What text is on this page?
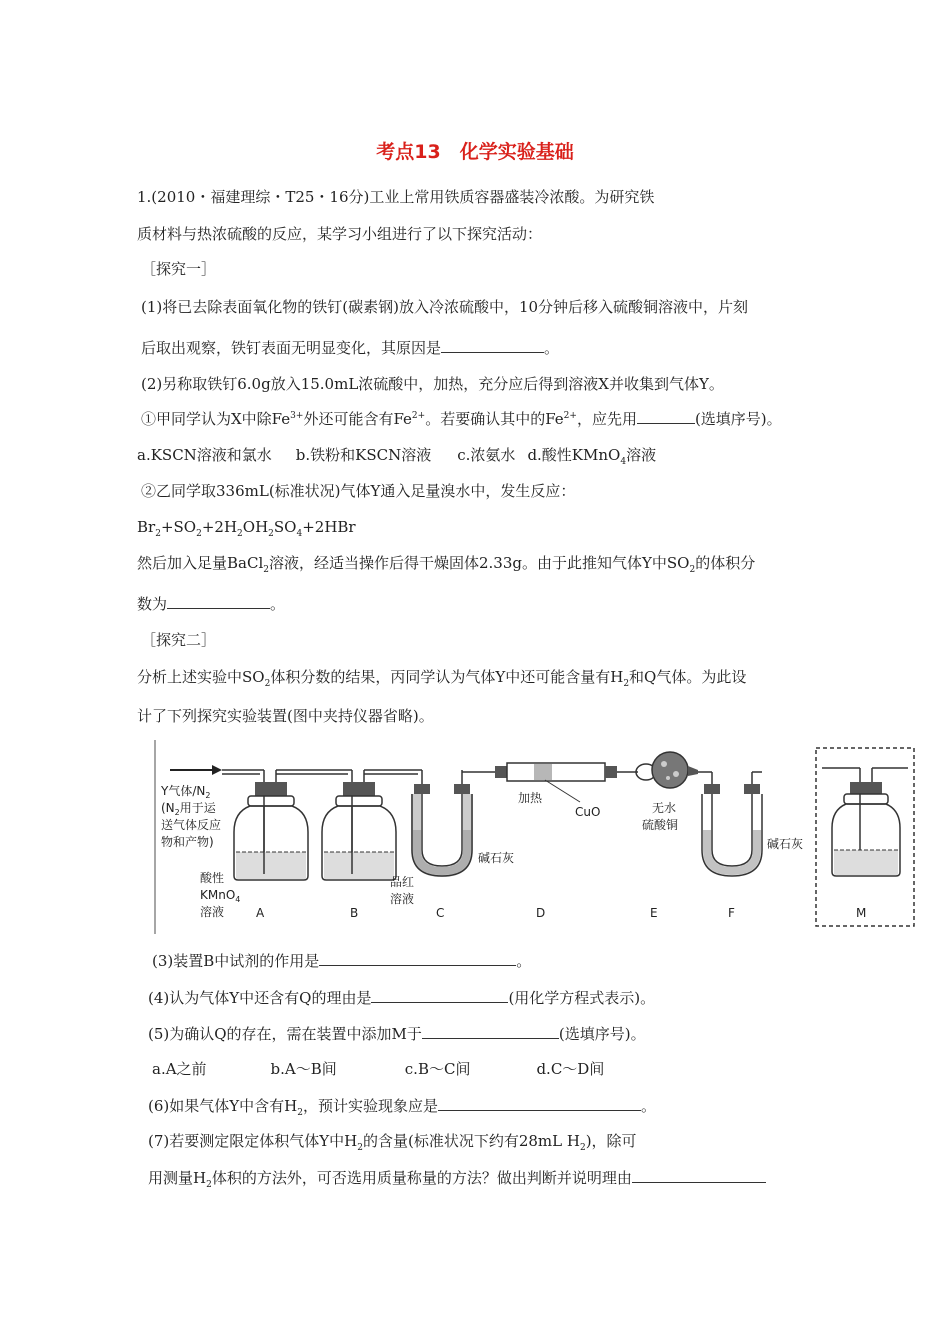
考点13　化学实验基础
1.(2010・福建理综・T25・16分)工业上常用铁质容器盛装冷浓酸。为研究铁
质材料与热浓硫酸的反应，某学习小组进行了以下探究活动：
［探究一］
(1)将已去除表面氧化物的铁钉(碳素钢)放入冷浓硫酸中，10分钟后移入硫酸铜溶液中，片刻
后取出观察，铁钉表面无明显变化，其原因是	。
(2)另称取铁钉6.0g放入15.0mL浓硫酸中，加热，充分应后得到溶液X并收集到气体Y。
①甲同学认为X中除$Fe^{3+}$外还可能含有$Fe^{2+}$。若要确认其中的$Fe^{2+}$，应先用	(选填序号)。
a.KSCN溶液和氯水 b.铁粉和KSCN溶液 c.浓氨水 d.酸性KMnO$_4$溶液
②乙同学取336mL(标准状况)气体Y通入足量溴水中，发生反应：
$Br_2+SO_2+2H_2OH_2SO_4+2HBr$
然后加入足量BaCl$_2$溶液，经适当操作后得干燥固体2.33g。由于此推知气体Y中$SO_2$的体积分
数为	。
［探究二］
分析上述实验中$SO_2$体积分数的结果，丙同学认为气体Y中还可能含量有$H_2$和Q气体。为此设
计了下列探究实验装置(图中夹持仪器省略)。
Y气体$/N_2$
($N_2$用于运
送气体反应
物和产物)
酸性
KMnO$_4$
溶液	A
品红
溶液
B
碱石灰
C
加热
CuO
D
无水
硫酸铜
E
碱石灰
F	M
(3)装置B中试剂的作用是	。
(4)认为气体Y中还含有Q的理由是	(用化学方程式表示)。
(5)为确认Q的存在，需在装置中添加M于	(选填序号)。
a.A之前	b.A～B间	c.B～C间	d.C～D间
(6)如果气体Y中含有$H_2$，预计实验现象应是	。
(7)若要测定限定体积气体Y中$H_2$的含量(标准状况下约有28mL $H_2$)，除可
用测量$H_2$体积的方法外，可否选用质量称量的方法？做出判断并说明理由
